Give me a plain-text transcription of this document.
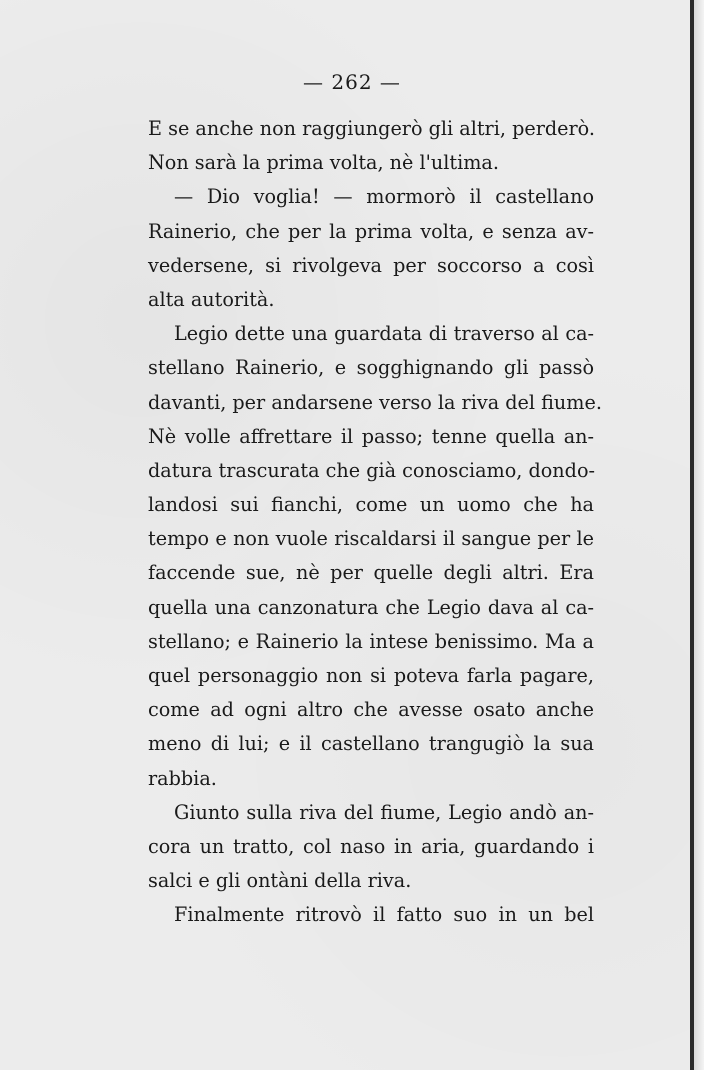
— 262 —
E se anche non raggiungerò gli altri, perderò.
Non sarà la prima volta, nè l'ultima.
— Dio voglia! — mormorò il castellano
Rainerio, che per la prima volta, e senza av-
vedersene, si rivolgeva per soccorso a così
alta autorità.
Legio dette una guardata di traverso al ca-
stellano Rainerio, e sogghignando gli passò
davanti, per andarsene verso la riva del fiume.
Nè volle affrettare il passo; tenne quella an-
datura trascurata che già conosciamo, dondo-
landosi sui fianchi, come un uomo che ha
tempo e non vuole riscaldarsi il sangue per le
faccende sue, nè per quelle degli altri. Era
quella una canzonatura che Legio dava al ca-
stellano; e Rainerio la intese benissimo. Ma a
quel personaggio non si poteva farla pagare,
come ad ogni altro che avesse osato anche
meno di lui; e il castellano trangugiò la sua
rabbia.
Giunto sulla riva del fiume, Legio andò an-
cora un tratto, col naso in aria, guardando i
salci e gli ontàni della riva.
Finalmente ritrovò il fatto suo in un bel
